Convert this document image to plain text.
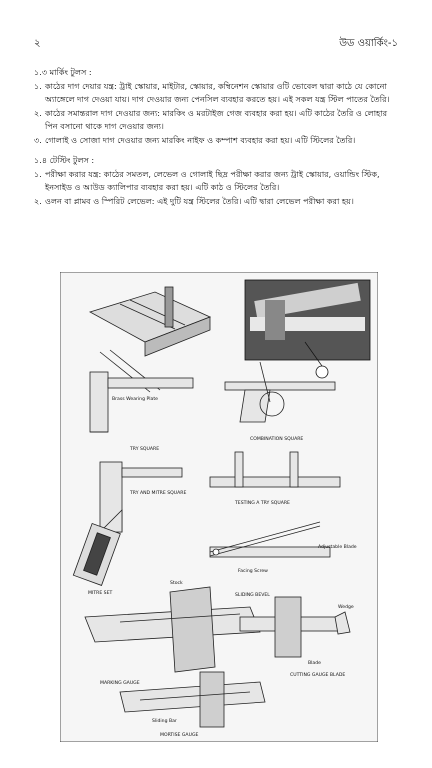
২	উড ওয়ার্কিং-১
১.৩ মার্কিং টুলস :
১. কাঠের দাগ দেয়ার যন্ত্র: ট্রাই স্কোয়ার, মাইটার, স্কোয়ার, কম্বিনেশন স্কোয়ার ওটি ভোবেল দ্বারা কাঠে যে কোনো অ্যাঙ্গেলে দাগ দেওয়া যায়। দাগ দেওয়ার জন্য পেনসিল ব্যবহার করতে হয়। এই সকল যন্ত্র স্টিল পাতের তৈরি।
২. কাঠের সমান্তরাল দাগ দেওয়ার জন্য: মারকিং ও মরটাইজ গেজ ব্যবহার করা হয়। এটি কাঠের তৈরি ও লোহার পিন বসানো থাকে দাগ দেওয়ার জন্য।
৩. গোলাই ও সোজা দাগ দেওয়ার জন্য মারকিং নাইফ ও কম্পাশ ব্যবহার করা হয়। এটি স্টিলের তৈরি।
১.৪ টেস্টিং টুলস :
১. পরীক্ষা করার যন্ত্র: কাঠের সমতল, লেভেল ও গোলাই ছিদ্র পরীক্ষা করার জন্য ট্রাই স্কোয়ার, ওয়ান্ডিং স্টিক, ইনসাইড ও আউড ক্যালিপার ব্যবহার করা হয়। এটি কাঠ ও স্টিলের তৈরি।
২. ওলন বা প্লামব ও স্পিরিট লেভেল: এই দুটি যন্ত্র স্টিলের তৈরি। এটি দ্বারা লেভেল পরীক্ষা করা হয়।
Brass Wearing Plate
TRY SQUARE
COMBINATION SQUARE
TRY AND MITRE SQUARE
TESTING A TRY SQUARE
MITRE SET
Facing Screw
Adjustable Blade
SLIDING BEVEL
Stock
MARKING GAUGE
Wedge
Blade
CUTTING GAUGE BLADE
Sliding Bar
MORTISE GAUGE
